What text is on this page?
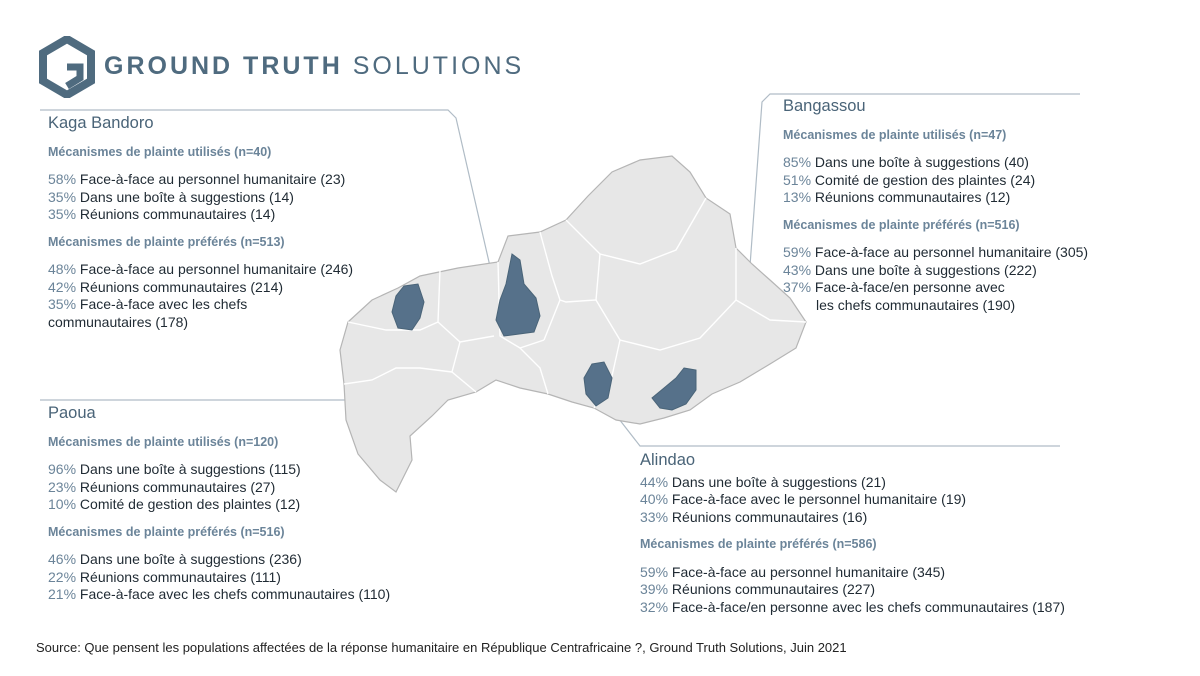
GROUND TRUTH SOLUTIONS
Kaga Bandoro
Mécanismes de plainte utilisés (n=40)
58% Face-à-face au personnel humanitaire (23)
35% Dans une boîte à suggestions (14)
35% Réunions communautaires (14)
Mécanismes de plainte préférés (n=513)
48% Face-à-face au personnel humanitaire (246)
42% Réunions communautaires (214)
35% Face-à-face avec les chefs
communautaires (178)
Bangassou
Mécanismes de plainte utilisés (n=47)
85% Dans une boîte à suggestions (40)
51% Comité de gestion des plaintes (24)
13% Réunions communautaires (12)
Mécanismes de plainte préférés (n=516)
59% Face-à-face au personnel humanitaire (305)
43% Dans une boîte à suggestions (222)
37% Face-à-face/en personne avec
les chefs communautaires (190)
Paoua
Mécanismes de plainte utilisés (n=120)
96% Dans une boîte à suggestions (115)
23% Réunions communautaires (27)
10% Comité de gestion des plaintes (12)
Mécanismes de plainte préférés (n=516)
46% Dans une boîte à suggestions (236)
22% Réunions communautaires (111)
21% Face-à-face avec les chefs communautaires (110)
Alindao
44% Dans une boîte à suggestions (21)
40% Face-à-face avec le personnel humanitaire (19)
33% Réunions communautaires (16)
Mécanismes de plainte préférés (n=586)
59% Face-à-face au personnel humanitaire (345)
39% Réunions communautaires (227)
32% Face-à-face/en personne avec les chefs communautaires (187)
Source: Que pensent les populations affectées de la réponse humanitaire en République Centrafricaine ?, Ground Truth Solutions, Juin 2021
